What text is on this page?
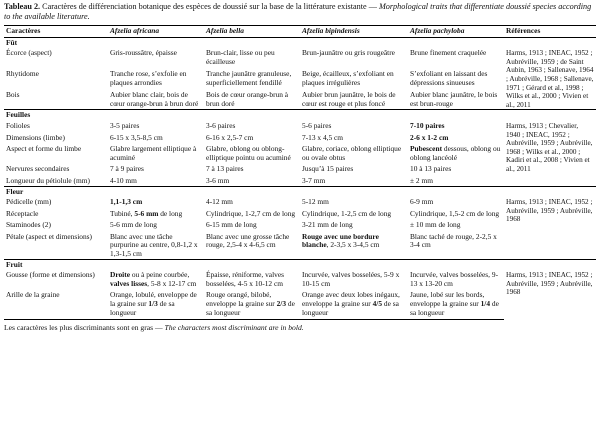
Tableau 2. Caractères de différenciation botanique des espèces de doussié sur la base de la littérature existante — Morphological traits that differentiate doussié species according to the available literature.
Caractères	Afzelia africana	Afzelia bella	Afzelia bipindensis	Afzelia pachyloba	Références
Fût					
Écorce (aspect)	Gris-roussâtre, épaisse	Brun-clair, lisse ou peu écailleuse	Brun-jaunâtre ou gris rougeâtre	Brune finement craquelée	Harms, 1913 ; INEAC, 1952 ; Aubréville, 1959 ; de Saint Aubin, 1963 ; Sallenave, 1964 ; Aubréville, 1968 ; Sallenave, 1971 ; Gérard et al., 1998 ; Wilks et al., 2000 ; Vivien et al., 2011
Rhytidome	Tranche rose, s’exfolie en plaques arrondies	Tranche jaunâtre granuleuse, superficiellement fendillé	Beige, écailleux, s’exfoliant en plaques irrégulières	S’exfoliant en laissant des dépressions sinueuses	
Bois	Aubier blanc clair, bois de cœur orange-brun à brun doré	Bois de cœur orange-brun à brun doré	Aubier brun jaunâtre, le bois de cœur est rouge et plus foncé	Aubier blanc jaunâtre, le bois est brun-rouge	
Feuilles					
Folioles	3-5 paires	3-6 paires	5-6 paires	7-10 paires	Harms, 1913 ; Chevalier, 1940 ; INEAC, 1952 ; Aubréville, 1959 ; Aubréville, 1968 ; Wilks et al., 2000 ; Kadiri et al., 2008 ; Vivien et al., 2011
Dimensions (limbe)	6-15 x 3,5-8,5 cm	6-16 x 2,5-7 cm	7-13 x 4,5 cm	2-6 x 1-2 cm	
Aspect et forme du limbe	Glabre largement elliptique à acuminé	Glabre, oblong ou oblong-elliptique pointu ou acuminé	Glabre, coriace, oblong elliptique ou ovale obtus	Pubescent dessous, oblong ou oblong lancéolé	
Nervures secondaires	7 à 9 paires	7 à 13 paires	Jusqu’à 15 paires	10 à 13 paires	
Longueur du pétiolule (mm)	4-10 mm	3-6 mm	3-7 mm	± 2 mm	
Fleur					
Pédicelle (mm)	1,1-1,3 cm	4-12 mm	5-12 mm	6-9 mm	Harms, 1913 ; INEAC, 1952 ; Aubréville, 1959 ; Aubréville, 1968
Réceptacle	Tubiné, 5-6 mm de long	Cylindrique, 1-2,7 cm de long	Cylindrique, 1-2,5 cm de long	Cylindrique, 1,5-2 cm de long	
Staminodes (2)	5-6 mm de long	6-15 mm de long	3-21 mm de long	± 10 mm de long	
Pétale (aspect et dimensions)	Blanc avec une tâche purpurine au centre, 0,8-1,2 x 1,3-1,5 cm	Blanc avec une grosse tâche rouge, 2,5-4 x 4-6,5 cm	Rouge avec une bordure blanche, 2-3,5 x 3-4,5 cm	Blanc taché de rouge, 2-2,5 x 3-4 cm	
Fruit					
Gousse (forme et dimensions)	Droite ou à peine courbée, valves lisses, 5-8 x 12-17 cm	Épaisse, réniforme, valves bosselées, 4-5 x 10-12 cm	Incurvée, valves bosselées, 5-9 x 10-15 cm	Incurvée, valves bosselées, 9-13 x 13-20 cm	Harms, 1913 ; INEAC, 1952 ; Aubréville, 1959 ; Aubréville, 1968
Arille de la graine	Orange, lobulé, enveloppe de la graine sur 1/3 de sa longueur	Rouge orangé, bilobé, enveloppe la graine sur 2/3 de sa longueur	Orange avec deux lobes inégaux, enveloppe la graine sur 4/5 de sa longueur	Jaune, lobé sur les bords, enveloppe la graine sur 1/4 de sa longueur	
Les caractères les plus discriminants sont en gras — The characters most discriminant are in bold.
